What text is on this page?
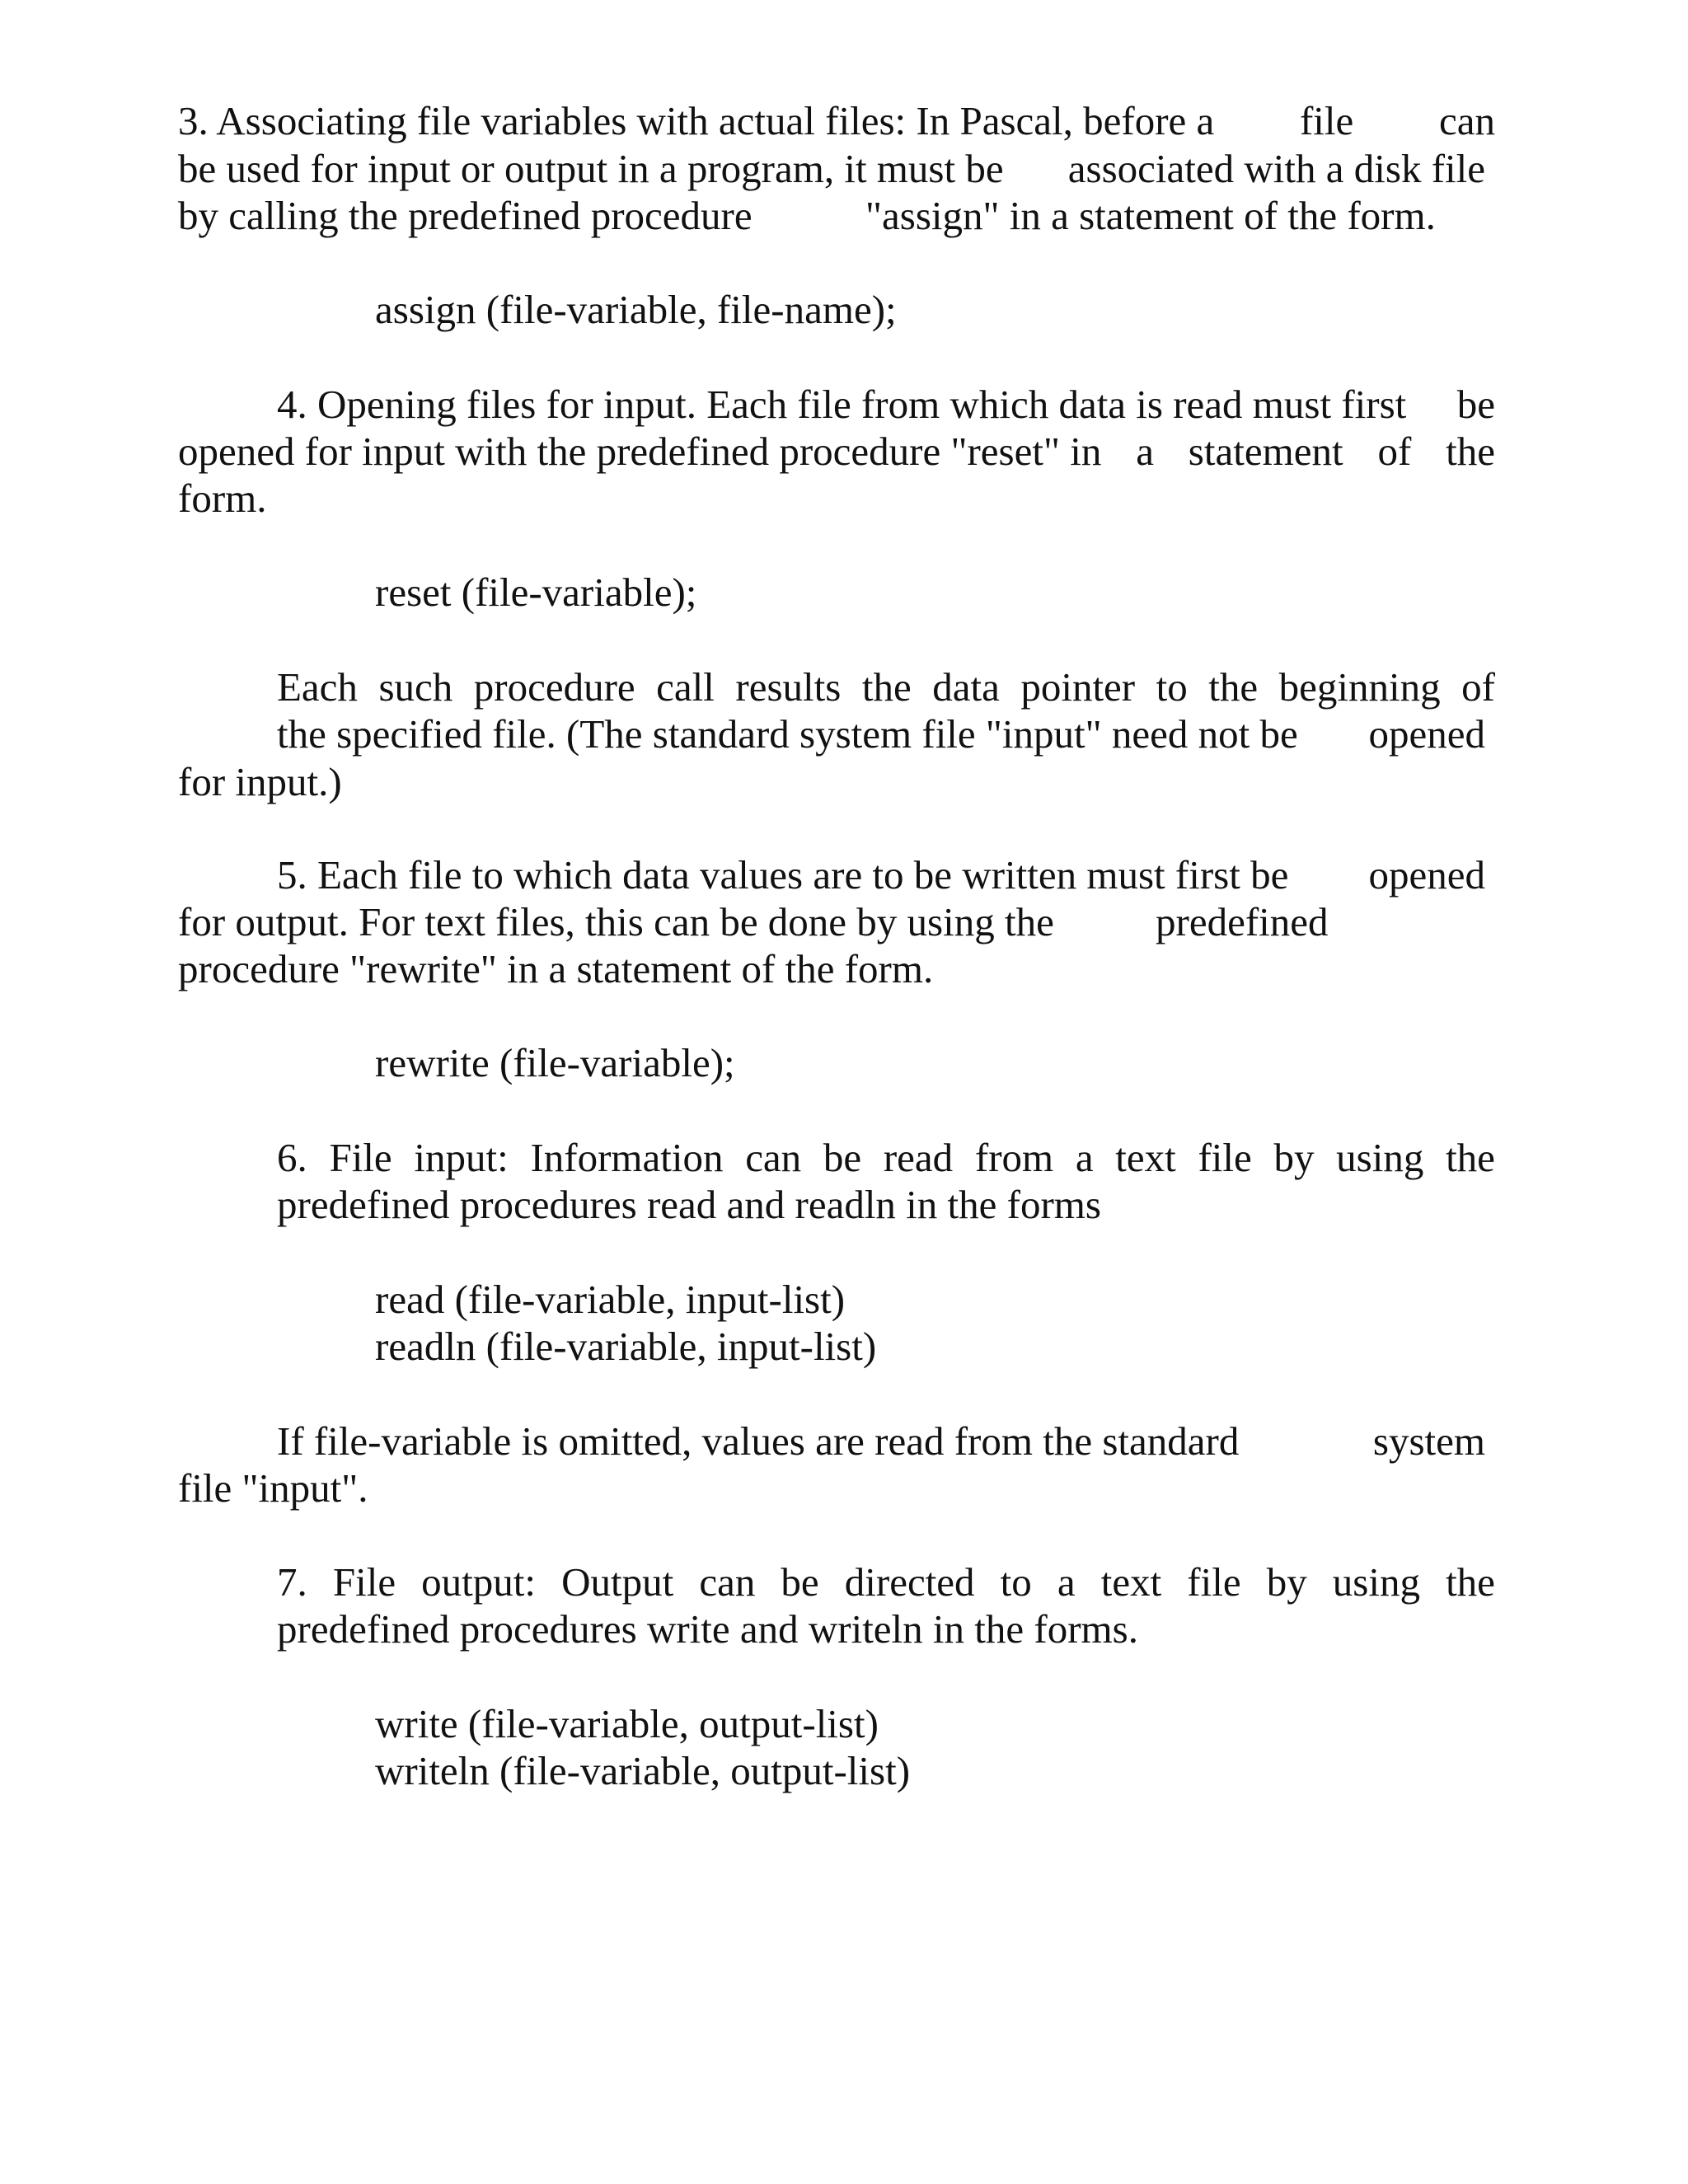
3. Associating file variables with actual files: In Pascal, before a file can
be used for input or output in a program, it must be associated with a disk file
by calling the predefined procedure	"assign" in a statement of the form.
assign (file-variable, file-name);
4. Opening files for input. Each file from which data is read must first be
opened for input with the predefined procedure "reset" in a statement of the
form.
reset (file-variable);
Each such procedure call results the data pointer to the beginning of
the specified file. (The standard system file "input" need not be opened
for input.)
5. Each file to which data values are to be written must first be opened
for output. For text files, this can be done by using the	predefined
procedure "rewrite" in a statement of the form.
rewrite (file-variable);
6. File input: Information can be read from a text file by using the
predefined procedures read and readln in the forms
read (file-variable, input-list)
readln (file-variable, input-list)
If file-variable is omitted, values are read from the standard	system
file "input".
7. File output: Output can be directed to a text file by using the
predefined procedures write and writeln in the forms.
write (file-variable, output-list)
writeln (file-variable, output-list)
